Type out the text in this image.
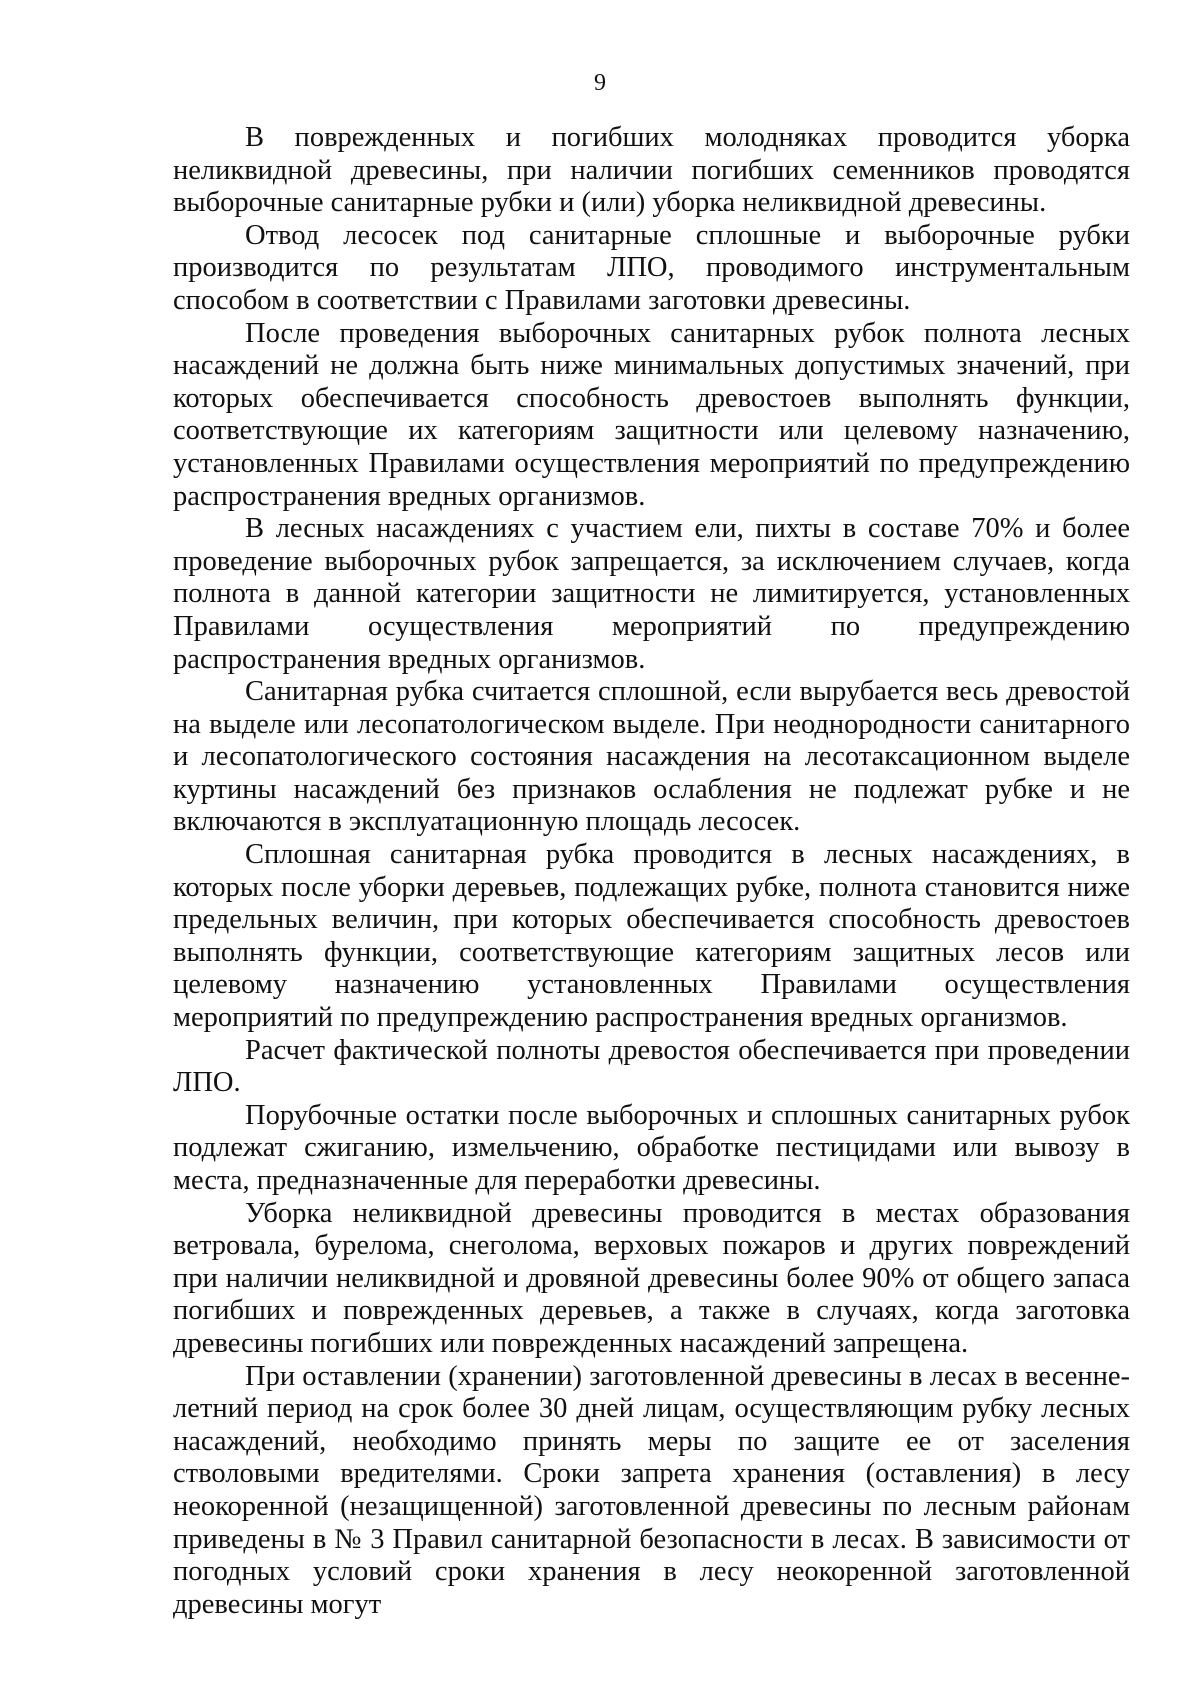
9

В поврежденных и погибших молодняках проводится уборка неликвидной древесины, при наличии погибших семенников проводятся выборочные санитарные рубки и (или) уборка неликвидной древесины.

Отвод лесосек под санитарные сплошные и выборочные рубки производится по результатам ЛПО, проводимого инструментальным способом в соответствии с Правилами заготовки древесины.

После проведения выборочных санитарных рубок полнота лесных насаждений не должна быть ниже минимальных допустимых значений, при которых обеспечивается способность древостоев выполнять функции, соответствующие их категориям защитности или целевому назначению, установленных Правилами осуществления мероприятий по предупреждению распространения вредных организмов.

В лесных насаждениях с участием ели, пихты в составе 70% и более проведение выборочных рубок запрещается, за исключением случаев, когда полнота в данной категории защитности не лимитируется, установленных Правилами осуществления мероприятий по предупреждению распространения вредных организмов.

Санитарная рубка считается сплошной, если вырубается весь древостой на выделе или лесопатологическом выделе. При неоднородности санитарного и лесопатологического состояния насаждения на лесотаксационном выделе куртины насаждений без признаков ослабления не подлежат рубке и не включаются в эксплуатационную площадь лесосек.

Сплошная санитарная рубка проводится в лесных насаждениях, в которых после уборки деревьев, подлежащих рубке, полнота становится ниже предельных величин, при которых обеспечивается способность древостоев выполнять функции, соответствующие категориям защитных лесов или целевому назначению установленных Правилами осуществления мероприятий по предупреждению распространения вредных организмов.

Расчет фактической полноты древостоя обеспечивается при проведении ЛПО.

Порубочные остатки после выборочных и сплошных санитарных рубок подлежат сжиганию, измельчению, обработке пестицидами или вывозу в места, предназначенные для переработки древесины.

Уборка неликвидной древесины проводится в местах образования ветровала, бурелома, снеголома, верховых пожаров и других повреждений при наличии неликвидной и дровяной древесины более 90% от общего запаса погибших и поврежденных деревьев, а также в случаях, когда заготовка древесины погибших или поврежденных насаждений запрещена.

При оставлении (хранении) заготовленной древесины в лесах в весенне-летний период на срок более 30 дней лицам, осуществляющим рубку лесных насаждений, необходимо принять меры по защите ее от заселения стволовыми вредителями. Сроки запрета хранения (оставления) в лесу неокоренной (незащищенной) заготовленной древесины по лесным районам приведены в № 3 Правил санитарной безопасности в лесах. В зависимости от погодных условий сроки хранения в лесу неокоренной заготовленной древесины могут
